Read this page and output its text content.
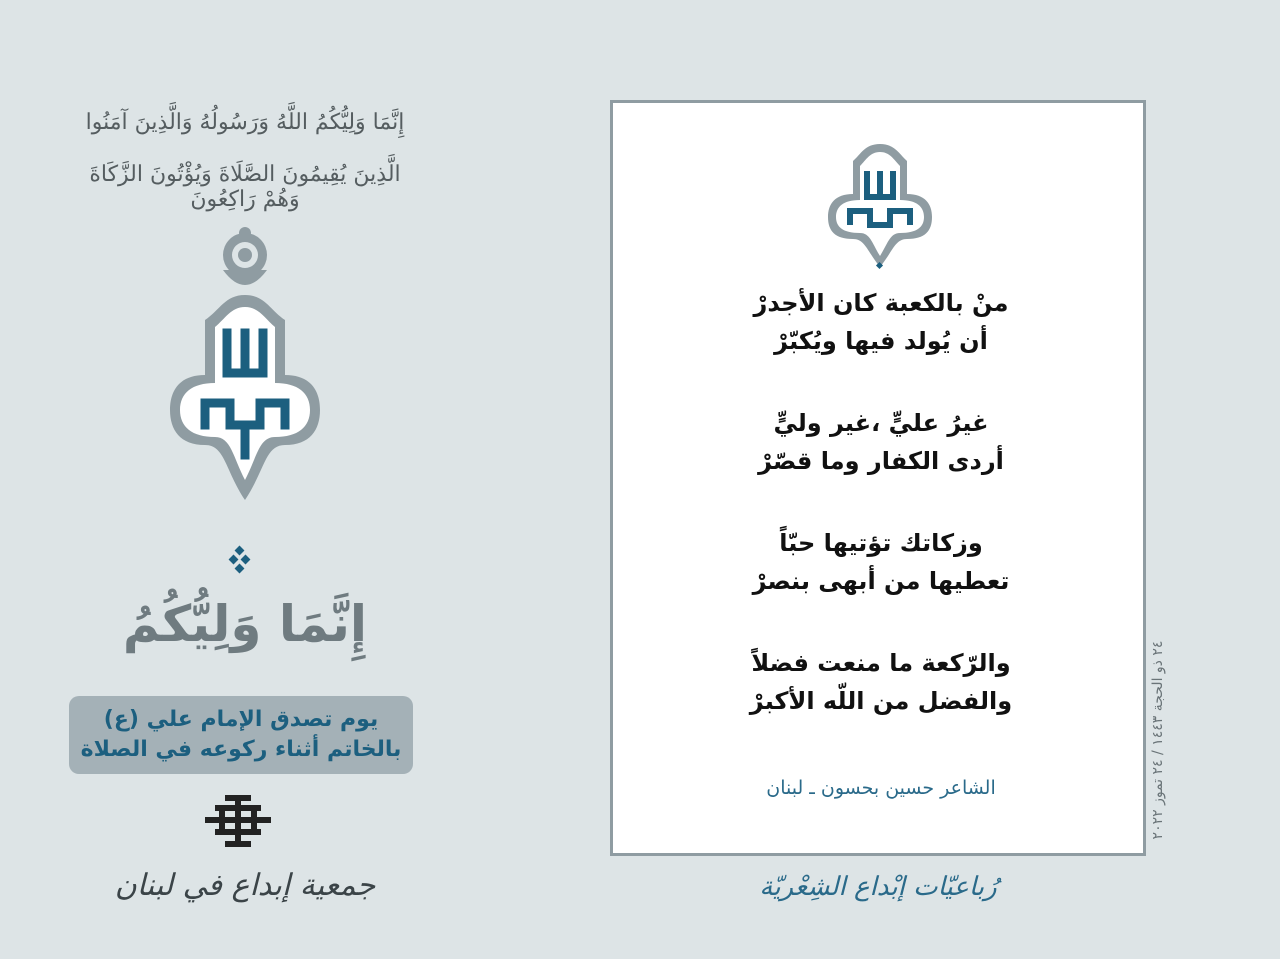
إِنَّمَا وَلِيُّكُمُ اللَّهُ وَرَسُولُهُ وَالَّذِينَ آمَنُوا
الَّذِينَ يُقِيمُونَ الصَّلَاةَ وَيُؤْتُونَ الزَّكَاةَ وَهُمْ رَاكِعُونَ
إِنَّمَا وَلِيُّكُمُ
يوم تصدق الإمام علي (ع)
بالخاتم أثناء ركوعه في الصلاة
جمعية إبداع في لبنان
منْ بالكعبة كان الأجدرْ
أن يُولد فيها ويُكبّرْ
غيرُ عليٍّ ،غير وليٍّ
أردى الكفار وما قصّرْ
وزكاتك تؤتيها حبّاً
تعطيها من أبهى بنصرْ
والرّكعة ما منعت فضلاً
والفضل من اللّه الأكبرْ
الشاعر حسين بحسون ـ لبنان
٢٤ ذو الحجة ١٤٤٣ / ٢٤ تموز ٢٠٢٢
رُباعيّات إبْداع الشِعْريّة
